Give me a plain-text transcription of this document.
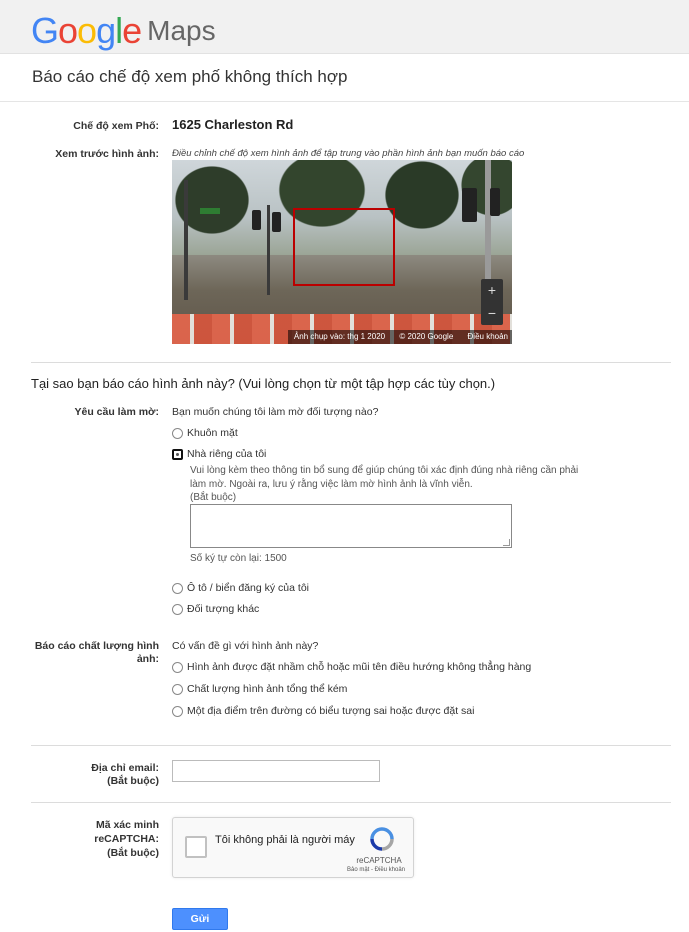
Google Maps
Báo cáo chế độ xem phố không thích hợp
Chế độ xem Phố: 1625 Charleston Rd
Xem trước hình ảnh: Điều chỉnh chế độ xem hình ảnh để tập trung vào phần hình ảnh bạn muốn báo cáo
+
−
Ảnh chụp vào: thg 1 2020 © 2020 Google Điều khoản
Tại sao bạn báo cáo hình ảnh này? (Vui lòng chọn từ một tập hợp các tùy chọn.)
Yêu cầu làm mờ: Bạn muốn chúng tôi làm mờ đối tượng nào?
Khuôn mặt
Nhà riêng của tôi
Vui lòng kèm theo thông tin bổ sung để giúp chúng tôi xác định đúng nhà riêng cần phải
làm mờ. Ngoài ra, lưu ý rằng việc làm mờ hình ảnh là vĩnh viễn.
(Bắt buộc)
Số ký tự còn lại: 1500
Ô tô / biển đăng ký của tôi
Đối tượng khác
Báo cáo chất lượng hình
ảnh:
Có vấn đề gì với hình ảnh này?
Hình ảnh được đặt nhầm chỗ hoặc mũi tên điều hướng không thẳng hàng
Chất lượng hình ảnh tổng thể kém
Một địa điểm trên đường có biểu tượng sai hoặc được đặt sai
Địa chỉ email:
(Bắt buộc)
Mã xác minh
reCAPTCHA:
(Bắt buộc)
Tôi không phải là người máy
reCAPTCHA
Bảo mật - Điều khoản
Gửi
